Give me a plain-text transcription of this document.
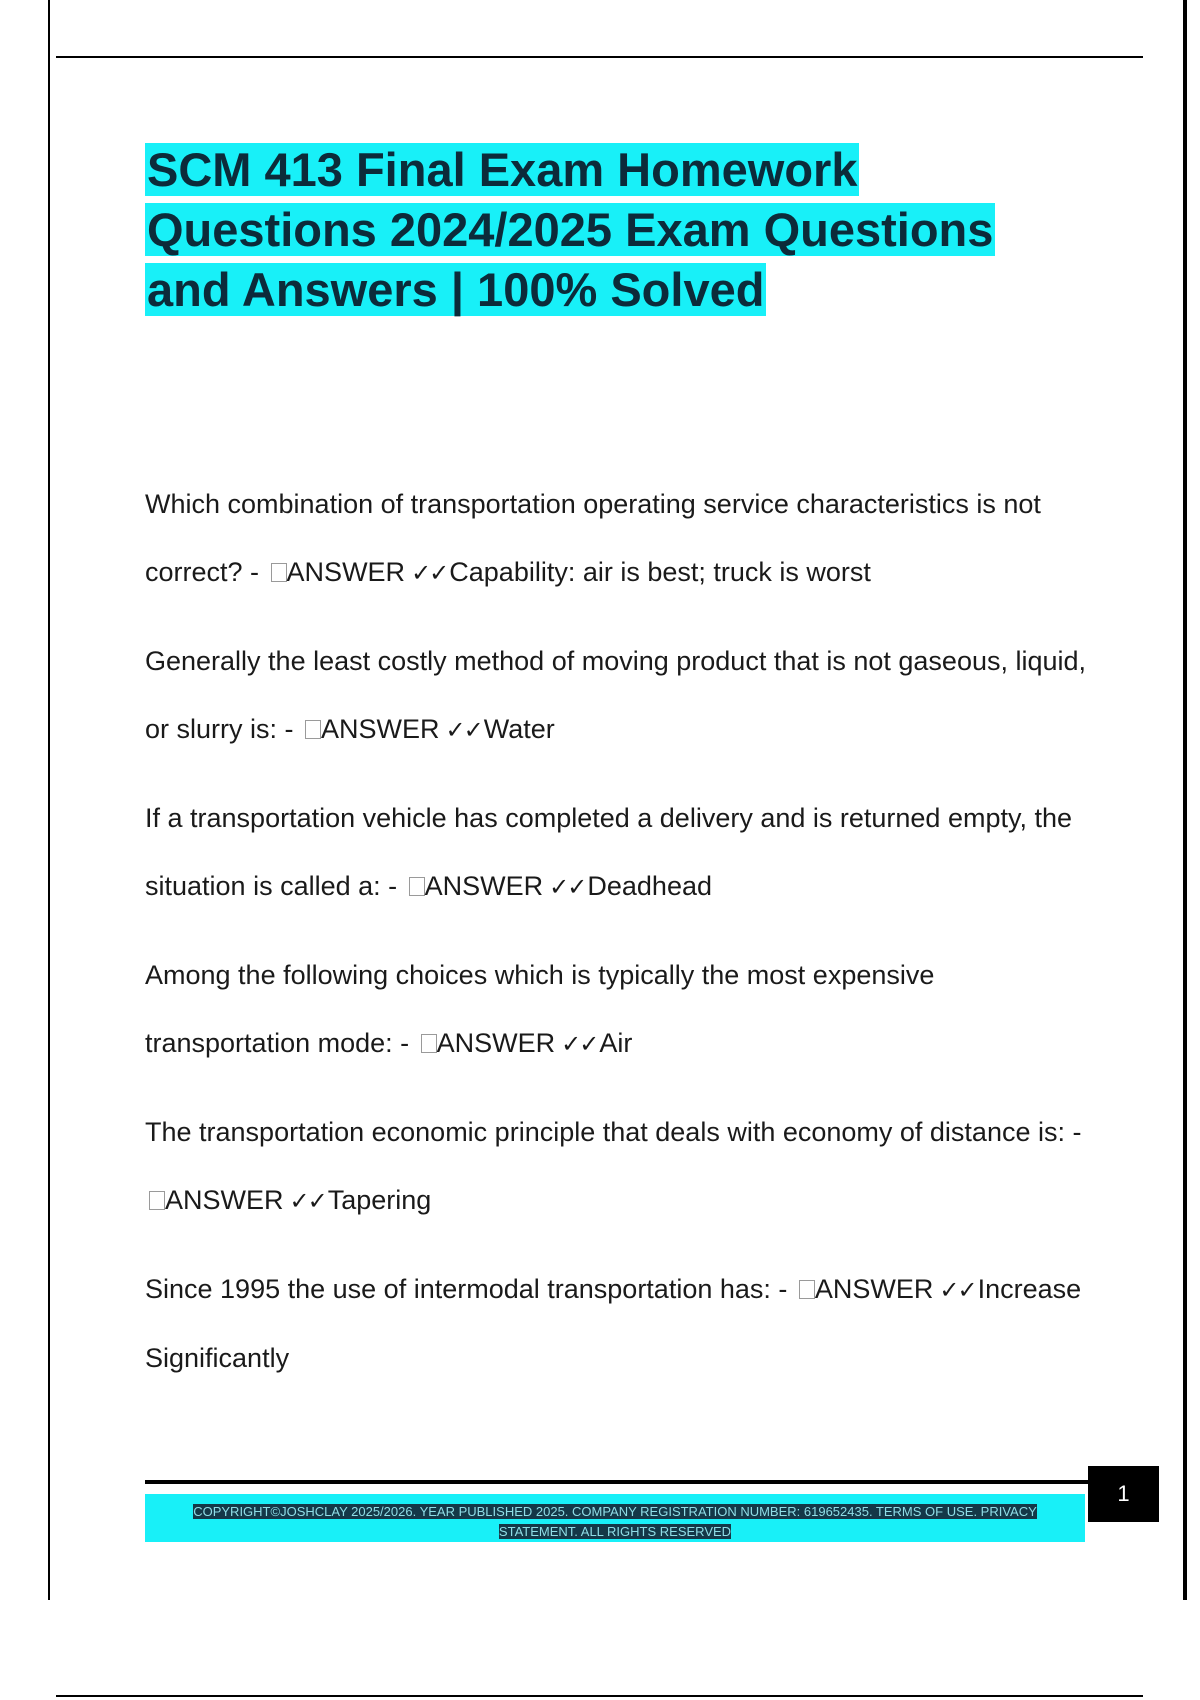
SCM 413 Final Exam Homework
Questions 2024/2025 Exam Questions
and Answers | 100% Solved

Which combination of transportation operating service characteristics is not correct? - ANSWER ✓✓Capability: air is best; truck is worst

Generally the least costly method of moving product that is not gaseous, liquid, or slurry is: - ANSWER ✓✓Water

If a transportation vehicle has completed a delivery and is returned empty, the situation is called a: - ANSWER ✓✓Deadhead

Among the following choices which is typically the most expensive transportation mode: - ANSWER ✓✓Air

The transportation economic principle that deals with economy of distance is: - ANSWER ✓✓Tapering

Since 1995 the use of intermodal transportation has: - ANSWER ✓✓Increase Significantly

COPYRIGHT©JOSHCLAY 2025/2026. YEAR PUBLISHED 2025. COMPANY REGISTRATION NUMBER: 619652435. TERMS OF USE. PRIVACY
STATEMENT. ALL RIGHTS RESERVED
1
